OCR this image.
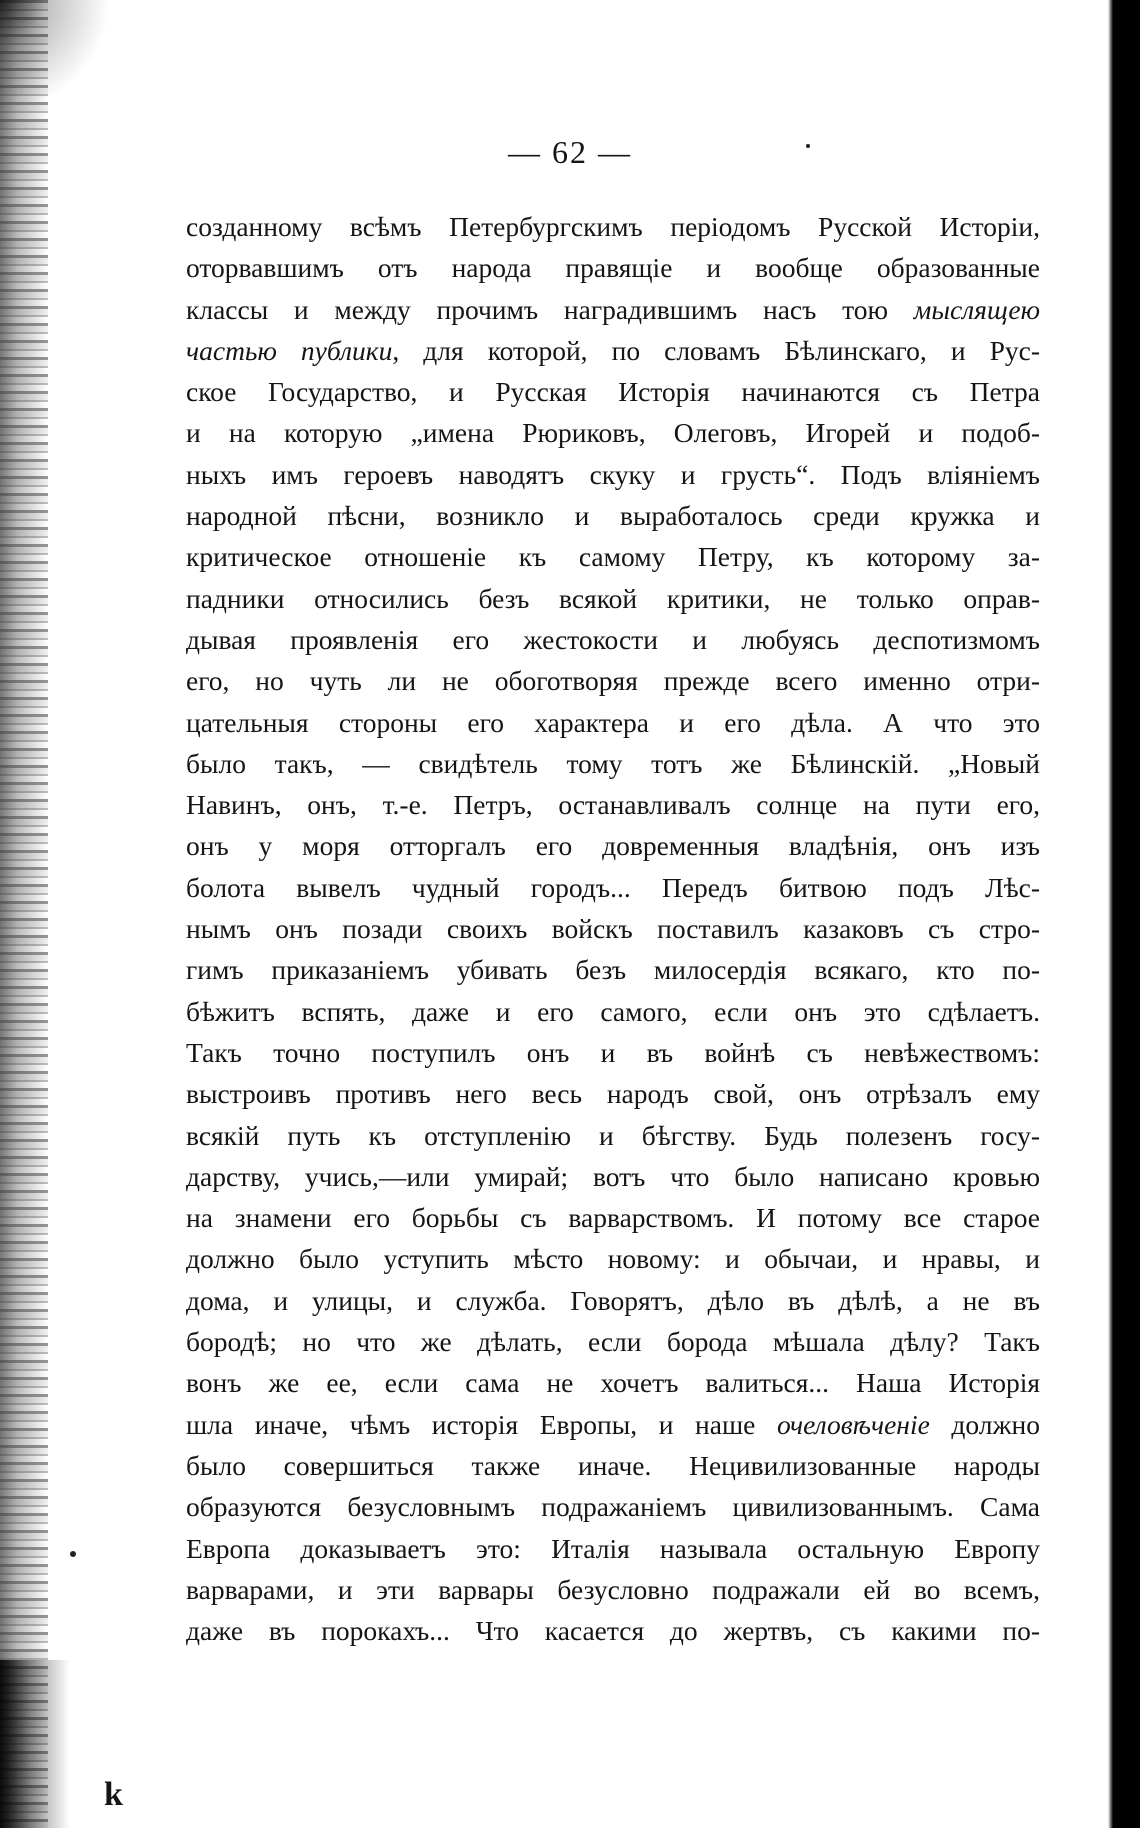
— 62 —
созданному всѣмъ Петербургскимъ періодомъ Русской Исторіи,
оторвавшимъ отъ народа правящіе и вообще образованные
классы и между прочимъ наградившимъ насъ тою мыслящею
частью публики, для которой, по словамъ Бѣлинскаго, и Рус-
ское Государство, и Русская Исторія начинаются съ Петра
и на которую „имена Рюриковъ, Олеговъ, Игорей и подоб-
ныхъ имъ героевъ наводятъ скуку и грусть“. Подъ вліяніемъ
народной пѣсни, возникло и выработалось среди кружка и
критическое отношеніе къ самому Петру, къ которому за-
падники относились безъ всякой критики, не только оправ-
дывая проявленія его жестокости и любуясь деспотизмомъ
его, но чуть ли не обоготворяя прежде всего именно отри-
цательныя стороны его характера и его дѣла. А что это
было такъ, — свидѣтель тому тотъ же Бѣлинскій. „Новый
Навинъ, онъ, т.-е. Петръ, останавливалъ солнце на пути его,
онъ у моря отторгалъ его довременныя владѣнія, онъ изъ
болота вывелъ чудный городъ... Передъ битвою подъ Лѣс-
нымъ онъ позади своихъ войскъ поставилъ казаковъ съ стро-
гимъ приказаніемъ убивать безъ милосердія всякаго, кто по-
бѣжитъ вспять, даже и его самого, если онъ это сдѣлаетъ.
Такъ точно поступилъ онъ и въ войнѣ съ невѣжествомъ:
выстроивъ противъ него весь народъ свой, онъ отрѣзалъ ему
всякій путь къ отступленію и бѣгству. Будь полезенъ госу-
дарству, учись,—или умирай; вотъ что было написано кровью
на знамени его борьбы съ варварствомъ. И потому все старое
должно было уступить мѣсто новому: и обычаи, и нравы, и
дома, и улицы, и служба. Говорятъ, дѣло въ дѣлѣ, а не въ
бородѣ; но что же дѣлать, если борода мѣшала дѣлу? Такъ
вонъ же ее, если сама не хочетъ валиться... Наша Исторія
шла иначе, чѣмъ исторія Европы, и наше очеловѣченіе должно
было совершиться также иначе. Нецивилизованные народы
образуются безусловнымъ подражаніемъ цивилизованнымъ. Сама
Европа доказываетъ это: Италія называла остальную Европу
варварами, и эти варвары безусловно подражали ей во всемъ,
даже въ порокахъ... Что касается до жертвъ, съ какими по-
k
